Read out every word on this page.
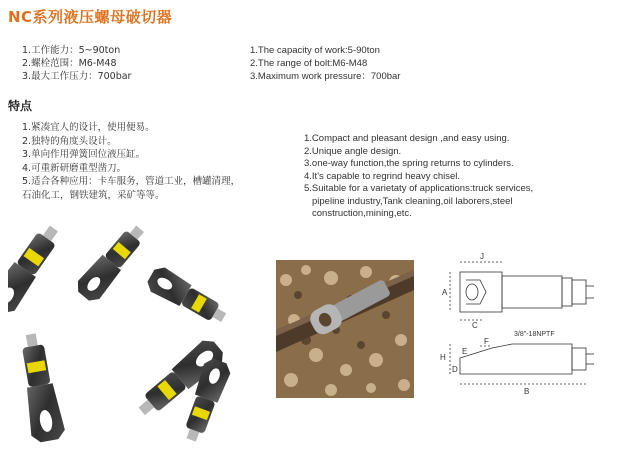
NC系列液压螺母破切器
1.工作能力：5~90ton
2.螺栓范围：M6-M48
3.最大工作压力：700bar
1.The capacity of work:5-90ton
2.The range of bolt:M6-M48
3.Maximum work pressure：700bar
特点
1.紧凑宜人的设计，使用便易。
2.独特的角度头设计。
3.单向作用弹簧回位液压缸。
4.可重新研磨重型凿刀。
5.适合各种应用：卡车服务，管道工业，槽罐清理，
石油化工，钢铁建筑，采矿等等。
1.Compact and pleasant design ,and easy using.
2.Unique angle design.
3.one-way function,the spring returns to cylinders.
4.It's capable to regrind heavy chisel.
5.Suitable for a varietaty of applications:truck services,
pipeline industry,Tank cleaning,oil laborers,steel
construction,mining,etc.
J
A
C
3/8"-18NPTF
H
F
E
D
B
